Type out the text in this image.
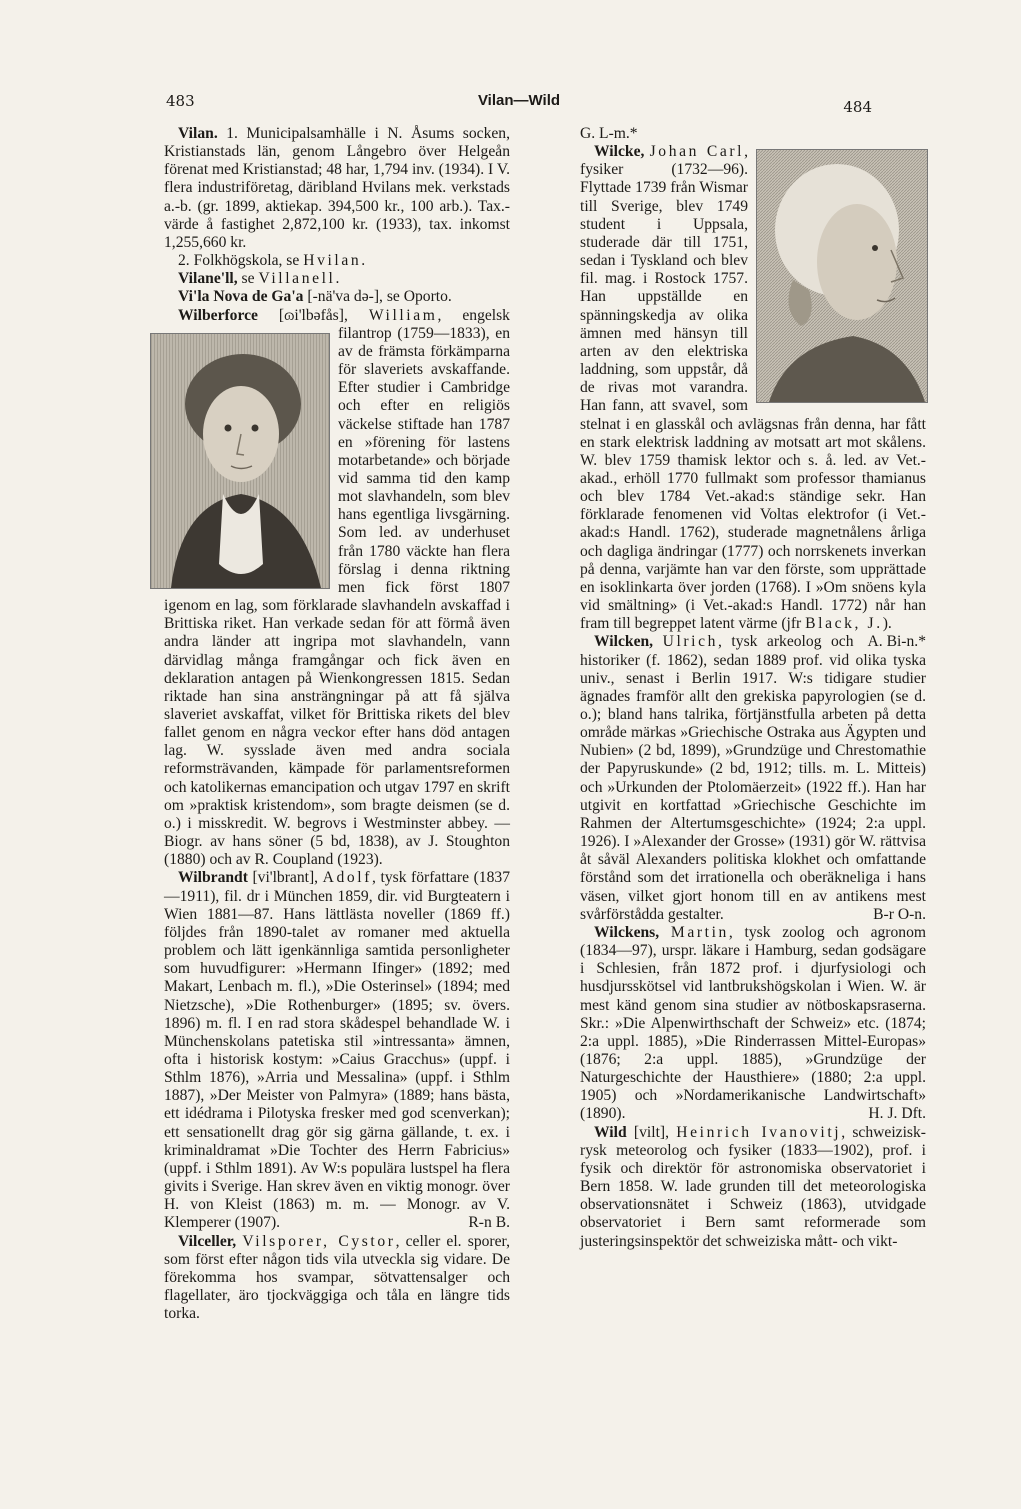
483	Vilan—Wild	484

Vilan. 1. Municipalsamhälle i N. Åsums socken, Kristianstads län, genom Långebro över Helgeån förenat med Kristianstad; 48 har, 1,794 inv. (1934). I V. flera industriföretag, däribland Hvilans mek. verkstads a.-b. (gr. 1899, aktiekap. 394,500 kr., 100 arb.). Tax.-värde å fastighet 2,872,100 kr. (1933), tax. inkomst 1,255,660 kr.

2. Folkhögskola, se Hvilan.

Vilane'll, se Villanell.

Vi'la Nova de Ga'a [-nä'va dә-], se Oporto.

Wilberforce [ɷi'lbәfås], William
, engelsk filantrop (1759—1833), en av de främsta förkämparna för slaveriets avskaffande. Efter studier i Cambridge och efter en religiös väckelse stiftade han 1787 en »förening för lastens motarbetande» och började vid samma tid den kamp mot slavhandeln, som blev hans egentliga livsgärning. Som led. av underhuset från 1780 väckte han flera förslag i denna riktning men fick först 1807 igenom en lag, som förklarade slavhandeln avskaffad i Brittiska riket. Han verkade sedan för att förmå även andra länder att ingripa mot slavhandeln, vann därvidlag många framgångar och fick även en deklaration antagen på Wienkongressen 1815. Sedan riktade han sina ansträngningar på att få själva slaveriet avskaffat, vilket för Brittiska rikets del blev fallet genom en några veckor efter hans död antagen lag. W. sysslade även med andra sociala reformsträvanden, kämpade för parlamentsreformen och katolikernas emancipation och utgav 1797 en skrift om »praktisk kristendom», som bragte deismen (se d. o.) i misskredit. W. begrovs i Westminster abbey. — Biogr. av hans söner (5 bd, 1838), av J. Stoughton (1880) och av R. Coupland (1923).

Wilbrandt [vi'lbrant], Adolf, tysk författare (1837—1911), fil. dr i München 1859, dir. vid Burgteatern i Wien 1881—87. Hans lättlästa noveller (1869 ff.) följdes från 1890-talet av romaner med aktuella problem och lätt igenkännliga samtida personligheter som huvudfigurer: »Hermann Ifinger» (1892; med Makart, Lenbach m. fl.), »Die Osterinsel» (1894; med Nietzsche), »Die Rothenburger» (1895; sv. övers. 1896) m. fl. I en rad stora skådespel behandlade W. i Münchenskolans patetiska stil »intressanta» ämnen, ofta i historisk kostym: »Caius Gracchus» (uppf. i Sthlm 1876), »Arria und Messalina» (uppf. i Sthlm 1887), »Der Meister von Palmyra» (1889; hans bästa, ett idédrama i Pilotyska fresker med god scenverkan); ett sensationellt drag gör sig gärna gällande, t. ex. i kriminaldramat »Die Tochter des Herrn Fabricius» (uppf. i Sthlm 1891). Av W:s populära lustspel ha flera givits i Sverige. Han skrev även en viktig monogr. över H. von Kleist (1863) m. m. — Monogr. av V. Klemperer (1907).	R-n B.

Vilceller, Vilsporer, Cystor, celler el. sporer, som först efter någon tids vila utveckla sig vidare. De förekomma hos svampar, sötvattensalger och flagellater, äro tjockväggiga och tåla en längre tids torka.

G. L-m.*

Wilcke, Johan Carl, fysiker (1732—96). Flyttade 1739 från Wismar till Sverige, blev 1749 student i Uppsala, studerade där till 1751, sedan i Tyskland och blev fil. mag. i Rostock 1757. Han uppställde en spänningskedja av olika ämnen med hänsyn till arten av den elektriska laddning, som uppstår, då de rivas mot varandra. Han fann, att svavel, som stelnat i en glasskål och avlägsnas från denna, har fått en stark elektrisk laddning av motsatt art mot skålens. W. blev 1759 thamisk lektor och s. å. led. av Vet.-akad., erhöll 1770 fullmakt som professor thamianus och blev 1784 Vet.-akad:s ständige sekr. Han förklarade fenomenen vid Voltas elektrofor (i Vet.-akad:s Handl. 1762), studerade magnetnålens årliga och dagliga ändringar (1777) och norrskenets inverkan på denna, varjämte han var den förste, som upprättade en isoklinkarta över jorden (1768). I »Om snöens kyla vid smältning» (i Vet.-akad:s Handl. 1772) når han fram till begreppet latent värme (jfr Black, J.).
A. Bi-n.*

Wilcken, Ulrich, tysk arkeolog och historiker (f. 1862), sedan 1889 prof. vid olika tyska univ., senast i Berlin 1917. W:s tidigare studier ägnades framför allt den grekiska papyrologien (se d. o.); bland hans talrika, förtjänstfulla arbeten på detta område märkas »Griechische Ostraka aus Ägypten und Nubien» (2 bd, 1899), »Grundzüge und Chrestomathie der Papyruskunde» (2 bd, 1912; tills. m. L. Mitteis) och »Urkunden der Ptolomäerzeit» (1922 ff.). Han har utgivit en kortfattad »Griechische Geschichte im Rahmen der Altertumsgeschichte» (1924; 2:a uppl. 1926). I »Alexander der Grosse» (1931) gör W. rättvisa åt såväl Alexanders politiska klokhet och omfattande förstånd som det irrationella och oberäkneliga i hans väsen, vilket gjort honom till en av antikens mest svårförstådda gestalter.	B-r O-n.

Wilckens, Martin, tysk zoolog och agronom (1834—97), urspr. läkare i Hamburg, sedan godsägare i Schlesien, från 1872 prof. i djurfysiologi och husdjursskötsel vid lantbrukshögskolan i Wien. W. är mest känd genom sina studier av nötboskapsraserna. Skr.: »Die Alpenwirthschaft der Schweiz» etc. (1874; 2:a uppl. 1885), »Die Rinderrassen Mittel-Europas» (1876; 2:a uppl. 1885), »Grundzüge der Naturgeschichte der Hausthiere» (1880; 2:a uppl. 1905) och »Nordamerikanische Landwirtschaft» (1890).	H. J. Dft.

Wild [vilt], Heinrich Ivanovitj, schweizisk-rysk meteorolog och fysiker (1833—1902), prof. i fysik och direktör för astronomiska observatoriet i Bern 1858. W. lade grunden till det meteorologiska observationsnätet i Schweiz (1863), utvidgade observatoriet i Bern samt reformerade som justeringsinspektör det schweiziska mått- och vikt-
